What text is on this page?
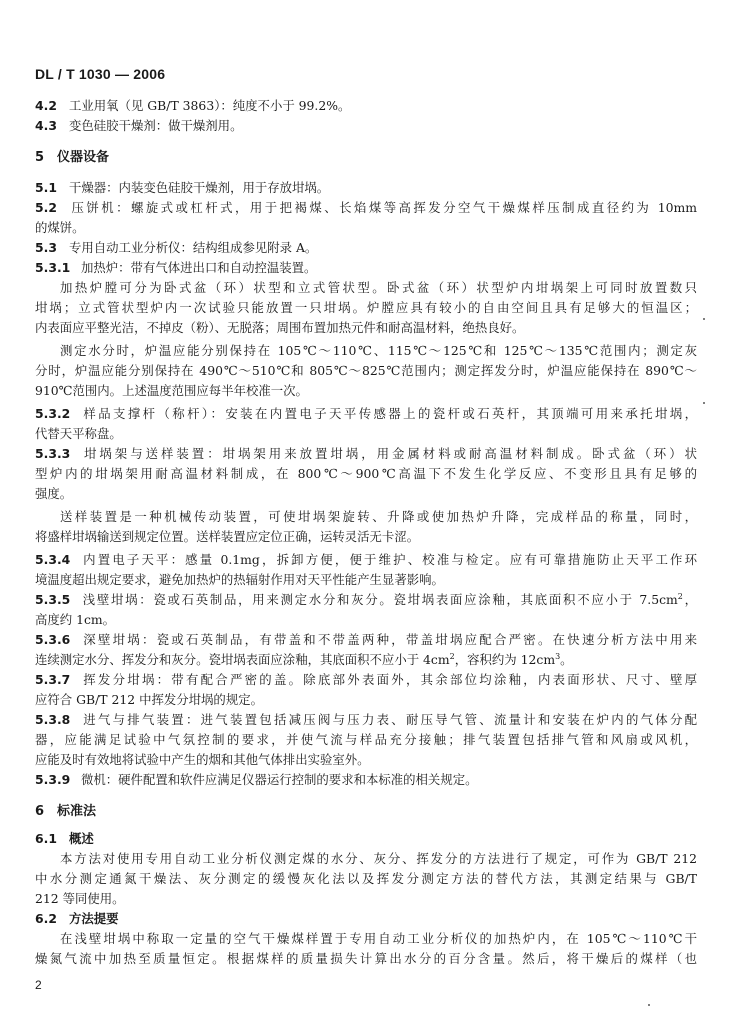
DL / T 1030 — 2006
4.2 工业用氧（见 GB/T 3863）：纯度不小于 99.2%。
4.3 变色硅胶干燥剂：做干燥剂用。
5 仪器设备
5.1 干燥器：内装变色硅胶干燥剂，用于存放坩埚。
5.2 压饼机：螺旋式或杠杆式，用于把褐煤、长焰煤等高挥发分空气干燥煤样压制成直径约为 10mm
的煤饼。
5.3 专用自动工业分析仪：结构组成参见附录 A。
5.3.1 加热炉：带有气体进出口和自动控温装置。
加热炉膛可分为卧式盆（环）状型和立式管状型。卧式盆（环）状型炉内坩埚架上可同时放置数只
坩埚；立式管状型炉内一次试验只能放置一只坩埚。炉膛应具有较小的自由空间且具有足够大的恒温区；
内表面应平整光洁，不掉皮（粉）、无脱落；周围布置加热元件和耐高温材料，绝热良好。
测定水分时，炉温应能分别保持在 105℃～110℃、115℃～125℃和 125℃～135℃范围内；测定灰
分时，炉温应能分别保持在 490℃～510℃和 805℃～825℃范围内；测定挥发分时，炉温应能保持在 890℃～
910℃范围内。上述温度范围应每半年校准一次。
5.3.2 样品支撑杆（称杆）：安装在内置电子天平传感器上的瓷杆或石英杆，其顶端可用来承托坩埚，
代替天平称盘。
5.3.3 坩埚架与送样装置：坩埚架用来放置坩埚，用金属材料或耐高温材料制成。卧式盆（环）状
型炉内的坩埚架用耐高温材料制成，在 800℃～900℃高温下不发生化学反应、不变形且具有足够的
强度。
送样装置是一种机械传动装置，可使坩埚架旋转、升降或使加热炉升降，完成样品的称量，同时，
将盛样坩埚输送到规定位置。送样装置应定位正确，运转灵活无卡涩。
5.3.4 内置电子天平：感量 0.1mg，拆卸方便，便于维护、校准与检定。应有可靠措施防止天平工作环
境温度超出规定要求，避免加热炉的热辐射作用对天平性能产生显著影响。
5.3.5 浅壁坩埚：瓷或石英制品，用来测定水分和灰分。瓷坩埚表面应涂釉，其底面积不应小于 $7.5cm^2$，
高度约 1cm。
5.3.6 深壁坩埚：瓷或石英制品，有带盖和不带盖两种，带盖坩埚应配合严密。在快速分析方法中用来
连续测定水分、挥发分和灰分。瓷坩埚表面应涂釉，其底面积不应小于 $4cm^2$，容积约为 $12cm^3$。
5.3.7 挥发分坩埚：带有配合严密的盖。除底部外表面外，其余部位均涂釉，内表面形状、尺寸、壁厚
应符合 GB/T 212 中挥发分坩埚的规定。
5.3.8 进气与排气装置：进气装置包括减压阀与压力表、耐压导气管、流量计和安装在炉内的气体分配
器，应能满足试验中气氛控制的要求，并使气流与样品充分接触；排气装置包括排气管和风扇或风机，
应能及时有效地将试验中产生的烟和其他气体排出实验室外。
5.3.9 微机：硬件配置和软件应满足仪器运行控制的要求和本标准的相关规定。
6 标准法
6.1 概述
本方法对使用专用自动工业分析仪测定煤的水分、灰分、挥发分的方法进行了规定，可作为 GB/T 212
中水分测定通氮干燥法、灰分测定的缓慢灰化法以及挥发分测定方法的替代方法，其测定结果与 GB/T
212 等同使用。
6.2 方法提要
在浅壁坩埚中称取一定量的空气干燥煤样置于专用自动工业分析仪的加热炉内，在 105℃～110℃干
燥氮气流中加热至质量恒定。根据煤样的质量损失计算出水分的百分含量。然后，将干燥后的煤样（也
2
